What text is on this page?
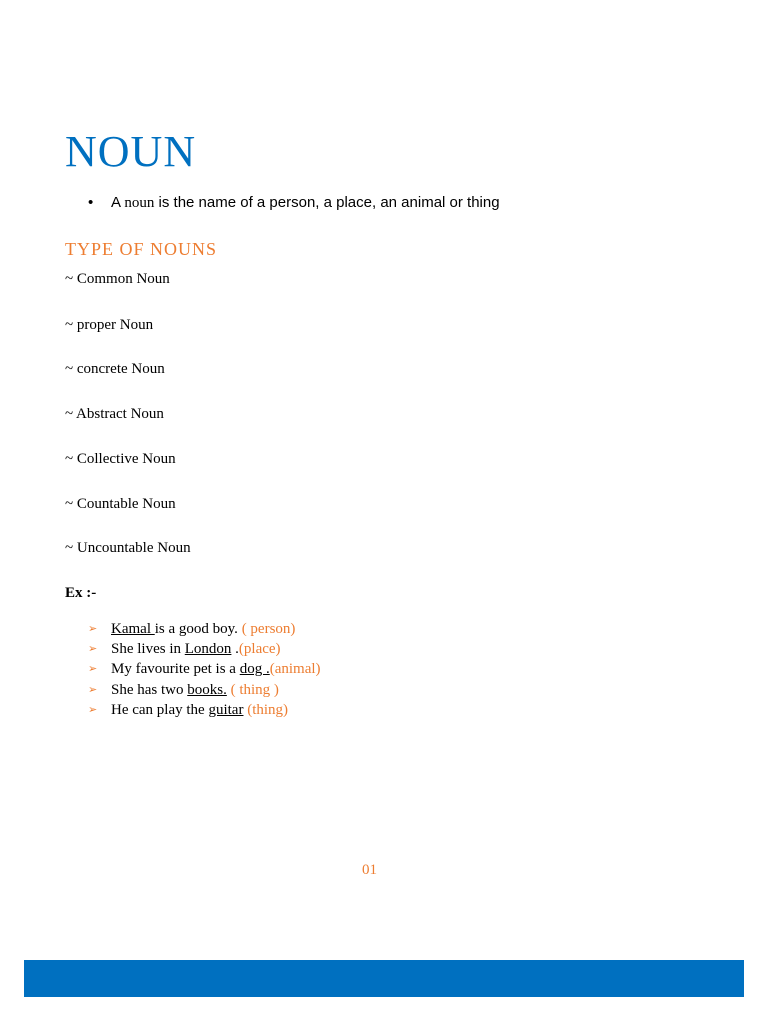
NOUN
• A noun is the name of a person, a place, an animal or thing
TYPE OF NOUNS
~ Common Noun
~ proper Noun
~ concrete Noun
~ Abstract Noun
~ Collective Noun
~ Countable Noun
~ Uncountable Noun
Ex :-
➢ Kamal is a good boy. ( person)
➢ She lives in London .(place)
➢ My favourite pet is a dog .(animal)
➢ She has two books. ( thing )
➢ He can play the guitar (thing)
01
